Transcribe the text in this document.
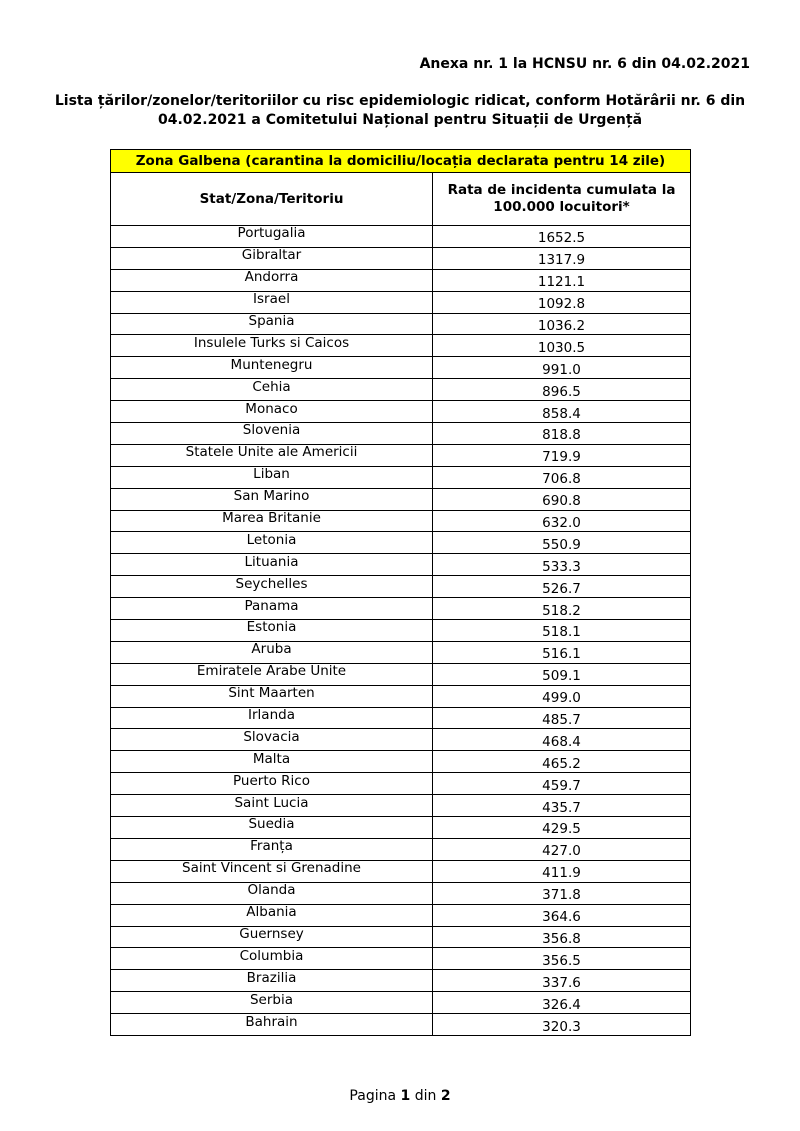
Anexa nr. 1 la HCNSU nr. 6 din 04.02.2021
Lista țărilor/zonelor/teritoriilor cu risc epidemiologic ridicat, conform Hotărârii nr. 6 din
04.02.2021 a Comitetului Național pentru Situații de Urgență
Zona Galbena (carantina la domiciliu/locația declarata pentru 14 zile)	
Stat/Zona/Teritoriu	Rata de incidenta cumulata la
100.000 locuitori*

Portugalia	1652.5
Gibraltar	1317.9
Andorra	1121.1
Israel	1092.8
Spania	1036.2
Insulele Turks si Caicos	1030.5
Muntenegru	991.0
Cehia	896.5
Monaco	858.4
Slovenia	818.8
Statele Unite ale Americii	719.9
Liban	706.8
San Marino	690.8
Marea Britanie	632.0
Letonia	550.9
Lituania	533.3
Seychelles	526.7
Panama	518.2
Estonia	518.1
Aruba	516.1
Emiratele Arabe Unite	509.1
Sint Maarten	499.0
Irlanda	485.7
Slovacia	468.4
Malta	465.2
Puerto Rico	459.7
Saint Lucia	435.7
Suedia	429.5
Franța	427.0
Saint Vincent si Grenadine	411.9
Olanda	371.8
Albania	364.6
Guernsey	356.8
Columbia	356.5
Brazilia	337.6
Serbia	326.4
Bahrain	320.3
Pagina 1 din 2
